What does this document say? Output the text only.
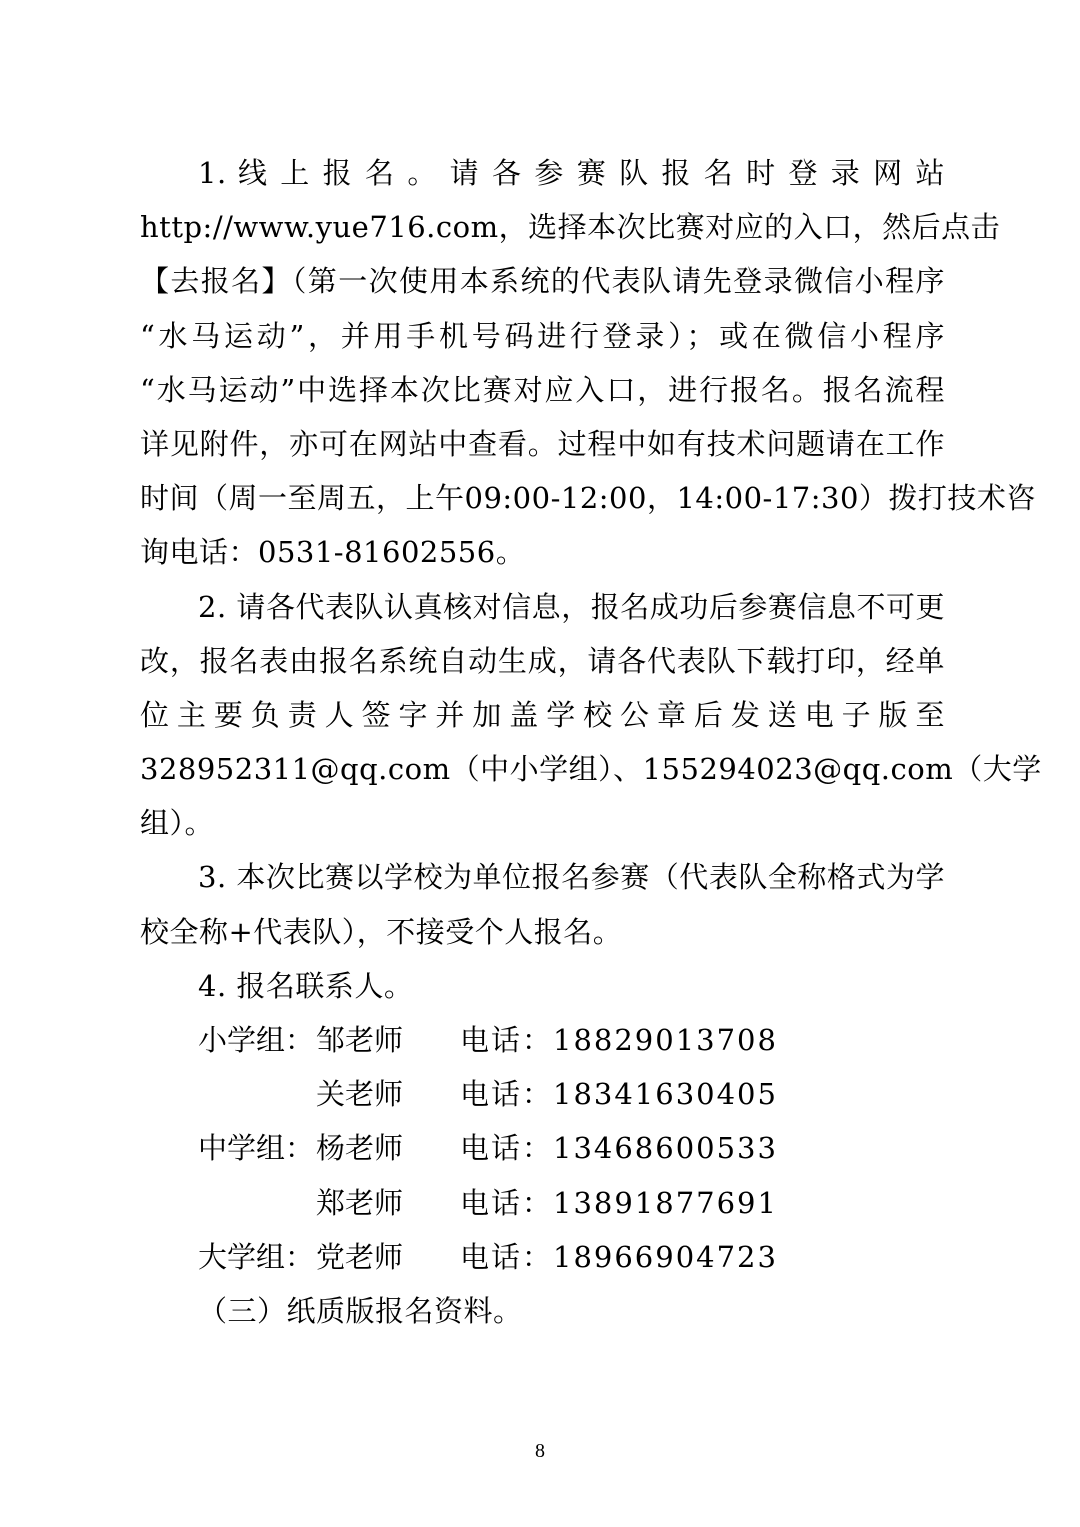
1. 线 上 报 名 。 请 各 参 赛 队 报 名 时 登 录 网 站
http://www.yue716.com，选择本次比赛对应的入口，然后点击
【去报名】（第一次使用本系统的代表队请先登录微信小程序
“水马运动”，并用手机号码进行登录）；或在微信小程序
“水马运动”中选择本次比赛对应入口，进行报名。报名流程
详见附件，亦可在网站中查看。过程中如有技术问题请在工作
时间（周一至周五，上午09:00-12:00，14:00-17:30）拨打技术咨
询电话：0531-81602556。
2. 请各代表队认真核对信息，报名成功后参赛信息不可更
改，报名表由报名系统自动生成，请各代表队下载打印，经单
位主要负责人签字并加盖学校公章后发送电子版至
328952311@qq.com（中小学组）、155294023@qq.com（大学
组）。
3. 本次比赛以学校为单位报名参赛（代表队全称格式为学
校全称+代表队），不接受个人报名。
4. 报名联系人。
小学组： 邹老师	电话：18829013708
关老师	电话：18341630405
中学组： 杨老师	电话：13468600533
郑老师	电话：13891877691
大学组： 党老师	电话：18966904723
（三）纸质版报名资料。
8
